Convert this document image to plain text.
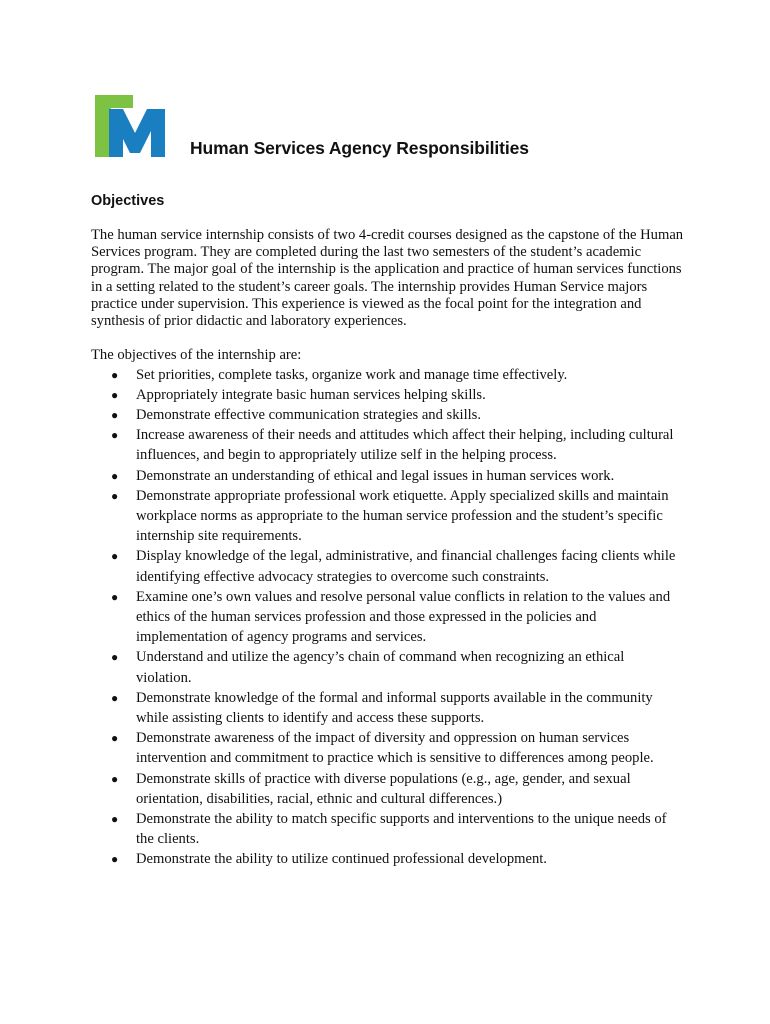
Human Services Agency Responsibilities
Objectives

The human service internship consists of two 4-credit courses designed as the capstone of the Human
Services program. They are completed during the last two semesters of the student’s academic
program. The major goal of the internship is the application and practice of human services functions
in a setting related to the student’s career goals. The internship provides Human Service majors
practice under supervision. This experience is viewed as the focal point for the integration and
synthesis of prior didactic and laboratory experiences.

The objectives of the internship are:

● Set priorities, complete tasks, organize work and manage time effectively.
● Appropriately integrate basic human services helping skills.
● Demonstrate effective communication strategies and skills.
● Increase awareness of their needs and attitudes which affect their helping, including cultural
influences, and begin to appropriately utilize self in the helping process.
● Demonstrate an understanding of ethical and legal issues in human services work.
● Demonstrate appropriate professional work etiquette. Apply specialized skills and maintain
workplace norms as appropriate to the human service profession and the student’s specific
internship site requirements.
● Display knowledge of the legal, administrative, and financial challenges facing clients while
identifying effective advocacy strategies to overcome such constraints.
● Examine one’s own values and resolve personal value conflicts in relation to the values and
ethics of the human services profession and those expressed in the policies and
implementation of agency programs and services.
● Understand and utilize the agency’s chain of command when recognizing an ethical
violation.
● Demonstrate knowledge of the formal and informal supports available in the community
while assisting clients to identify and access these supports.
● Demonstrate awareness of the impact of diversity and oppression on human services
intervention and commitment to practice which is sensitive to differences among people.
● Demonstrate skills of practice with diverse populations (e.g., age, gender, and sexual
orientation, disabilities, racial, ethnic and cultural differences.)
● Demonstrate the ability to match specific supports and interventions to the unique needs of
the clients.
● Demonstrate the ability to utilize continued professional development.
